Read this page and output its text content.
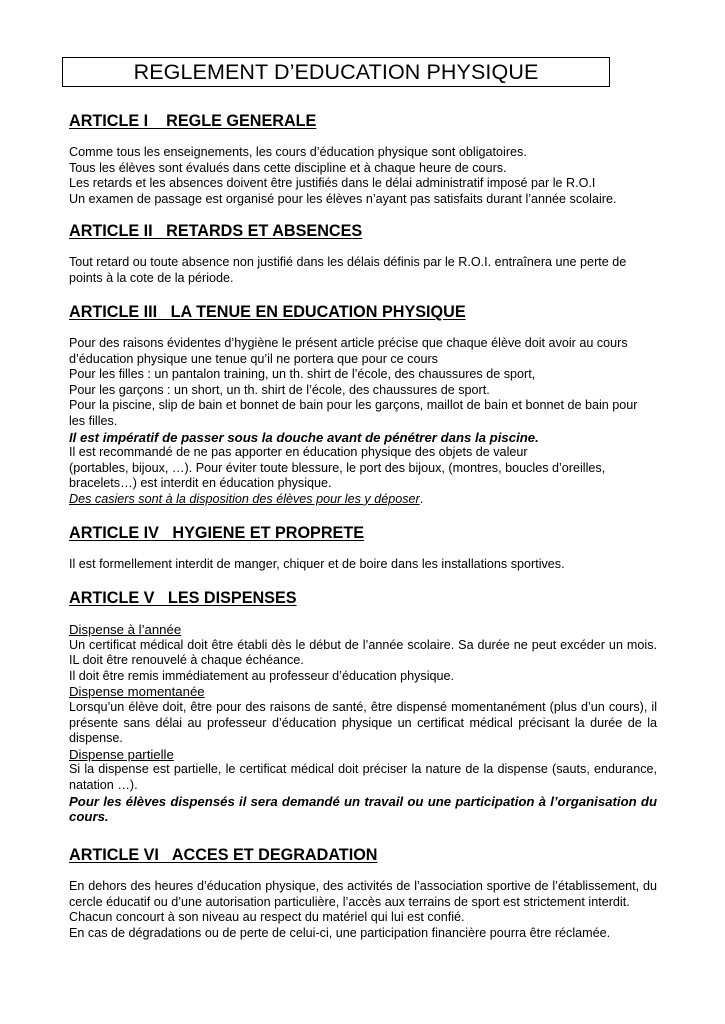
REGLEMENT D’EDUCATION PHYSIQUE
ARTICLE I    REGLE GENERALE

Comme tous les enseignements, les cours d’éducation physique sont obligatoires.

Tous les élèves sont évalués dans cette discipline et à chaque heure de cours.

Les retards et les absences doivent être justifiés dans le délai administratif imposé par le R.O.I

Un examen de passage est organisé pour les élèves n’ayant pas satisfaits durant l’année scolaire.

ARTICLE II   RETARDS ET ABSENCES

Tout retard ou toute absence non justifié dans les délais définis par le R.O.I. entraînera une perte de points à la cote de la période.

ARTICLE III   LA TENUE EN EDUCATION PHYSIQUE

Pour des raisons évidentes d’hygiène le présent article précise que chaque élève doit avoir au cours d’éducation physique une tenue qu’il ne portera que pour ce cours

Pour les filles : un pantalon training, un th. shirt de l’école, des chaussures de sport,

Pour les garçons : un short, un th. shirt de l’école, des chaussures de sport.

Pour la piscine, slip de bain et bonnet de bain pour les garçons, maillot de bain et bonnet de bain pour les filles.

Il est impératif de passer sous la douche avant de pénétrer dans la piscine.

Il est recommandé de ne pas apporter en éducation physique des objets de valeur

(portables, bijoux, …). Pour éviter toute blessure, le port des bijoux, (montres, boucles d’oreilles, bracelets…) est interdit en éducation physique.

Des casiers sont à la disposition des élèves pour les y déposer.

ARTICLE IV   HYGIENE ET PROPRETE

Il est formellement interdit de manger, chiquer et de boire dans les installations sportives.

ARTICLE V   LES DISPENSES

Dispense à l’année

Un certificat médical doit être établi dès le début de l’année scolaire. Sa durée ne peut excéder un mois. IL doit être renouvelé à chaque échéance.

Il doit être remis immédiatement au professeur d’éducation physique.

Dispense momentanée

Lorsqu’un élève doit, être pour des raisons de santé, être dispensé momentanément (plus d’un cours), il présente sans délai au professeur d’éducation physique un certificat médical précisant la durée de la dispense.

Dispense partielle

Si la dispense est partielle, le certificat médical doit préciser la nature de la dispense (sauts, endurance, natation …).

Pour les élèves dispensés il sera demandé un travail ou une participation à l’organisation du cours.

ARTICLE VI   ACCES ET DEGRADATION

En dehors des heures d’éducation physique, des activités de l’association sportive de l’établissement, du cercle éducatif ou d’une autorisation particulière, l’accès aux terrains de sport est strictement interdit.

Chacun concourt à son niveau au respect du matériel qui lui est confié.

En cas de dégradations ou de perte de celui-ci, une participation financière pourra être réclamée.
